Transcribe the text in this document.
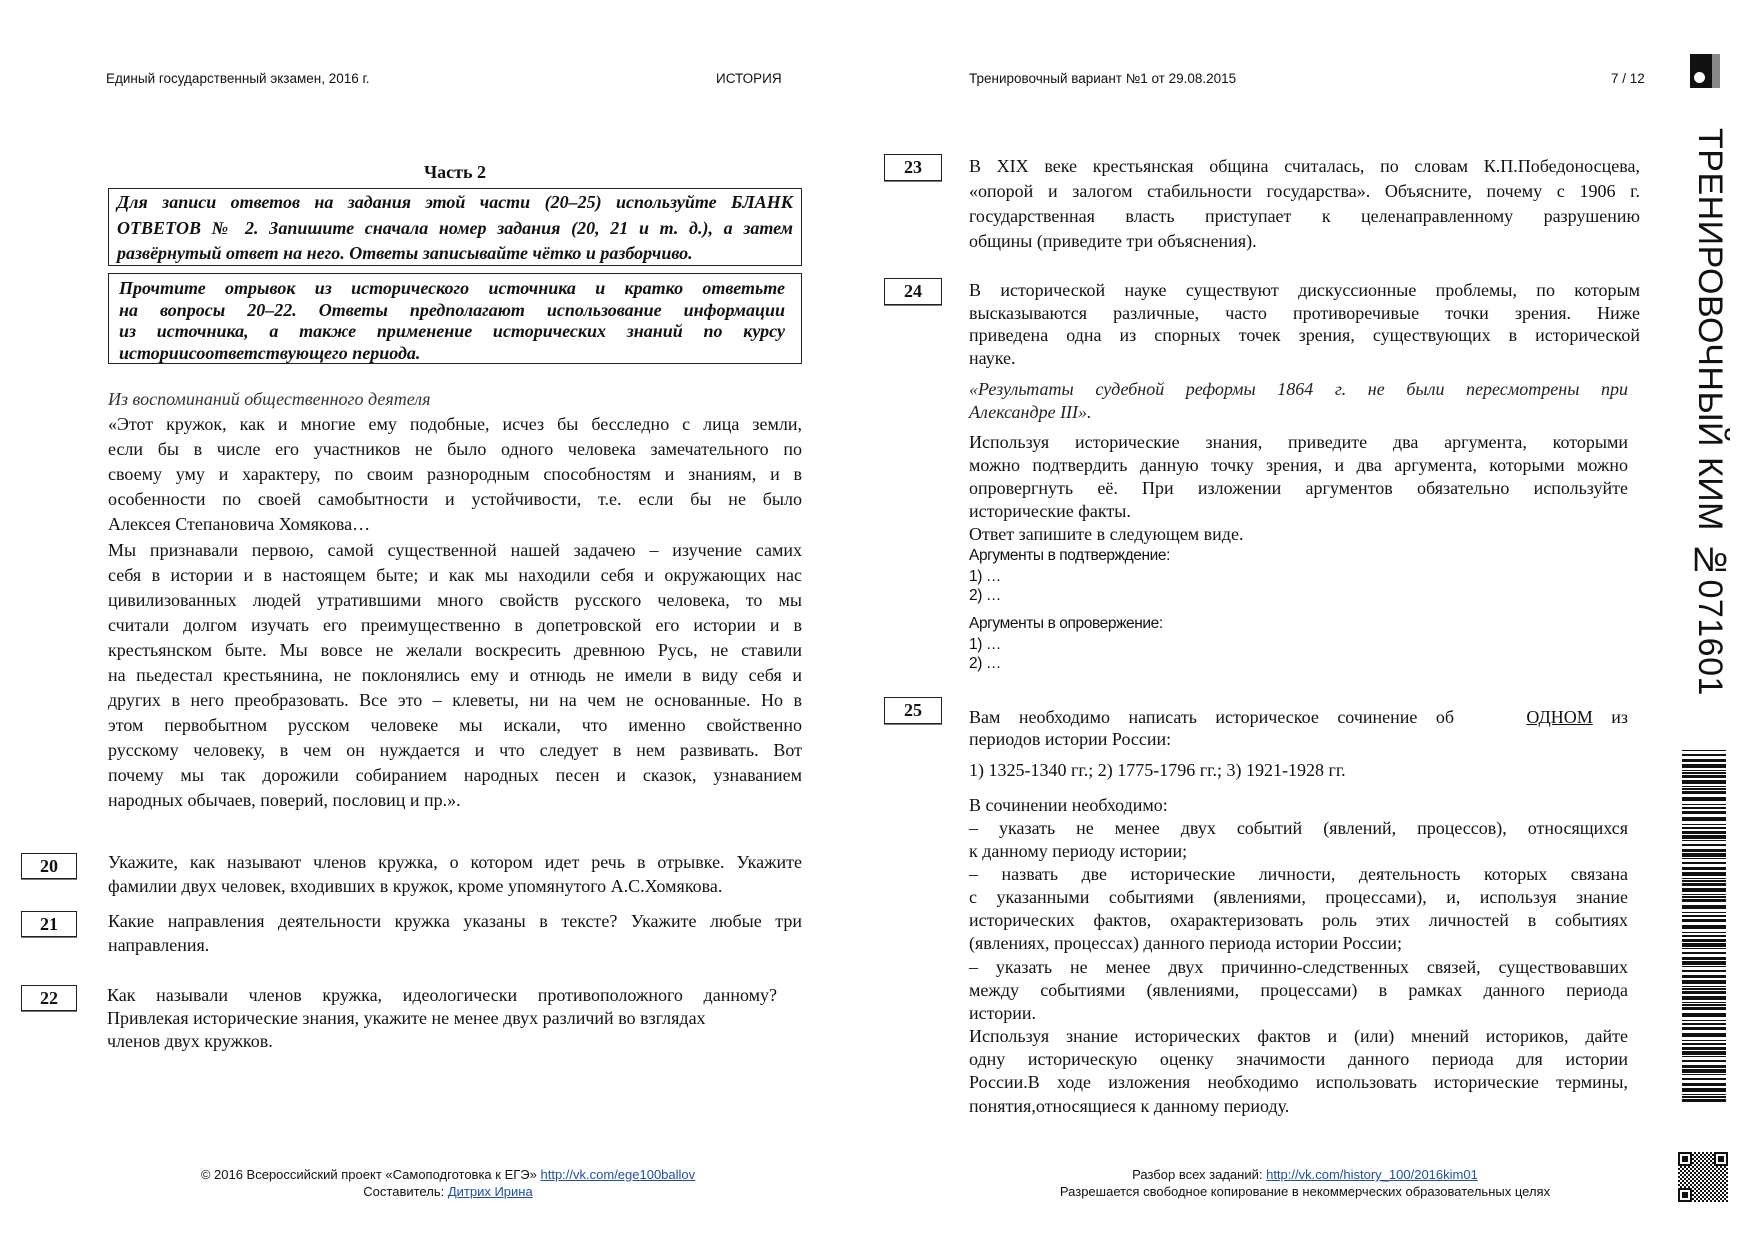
Единый государственный экзамен, 2016 г.	ИСТОРИЯ	Тренировочный вариант №1 от 29.08.2015	7 / 12
ТРЕНИРОВОЧНЫЙ КИМ №071601
Часть 2
Для записи ответов на задания этой части (20–25) используйте БЛАНК
ОТВЕТОВ № 2. Запишите сначала номер задания (20, 21 и т. д.), а затем
развёрнутый ответ на него. Ответы записывайте чётко и разборчиво.
Прочтите отрывок из исторического источника и кратко ответьте
на вопросы 20–22. Ответы предполагают использование информации
из источника, а также применение исторических знаний по курсу
историисоответствующего периода.
Из воспоминаний общественного деятеля
«Этот кружок, как и многие ему подобные, исчез бы бесследно с лица земли,
если бы в числе его участников не было одного человека замечательного по
своему уму и характеру, по своим разнородным способностям и знаниям, и в
особенности по своей самобытности и устойчивости, т.е. если бы не было
Алексея Степановича Хомякова…
Мы признавали первою, самой существенной нашей задачею – изучение самих
себя в истории и в настоящем быте; и как мы находили себя и окружающих нас
цивилизованных людей утратившими много свойств русского человека, то мы
считали долгом изучать его преимущественно в допетровской его истории и в
крестьянском быте. Мы вовсе не желали воскресить древнюю Русь, не ставили
на пьедестал крестьянина, не поклонялись ему и отнюдь не имели в виду себя и
других в него преобразовать. Все это – клеветы, ни на чем не основанные. Но в
этом первобытном русском человеке мы искали, что именно свойственно
русскому человеку, в чем он нуждается и что следует в нем развивать. Вот
почему мы так дорожили собиранием народных песен и сказок, узнаванием
народных обычаев, поверий, пословиц и пр.».
20	Укажите, как называют членов кружка, о котором идет речь в отрывке. Укажите
фамилии двух человек, входивших в кружок, кроме упомянутого А.С.Хомякова.
21	Какие направления деятельности кружка указаны в тексте? Укажите любые три
направления.
22	Как называли членов кружка, идеологически противоположного данному?
Привлекая исторические знания, укажите не менее двух различий во взглядах
членов двух кружков.
23	В XIX веке крестьянская община считалась, по словам К.П.Победоносцева,
«опорой и залогом стабильности государства». Объясните, почему с 1906 г.
государственная власть приступает к целенаправленному разрушению
общины (приведите три объяснения).
24	В исторической науке существуют дискуссионные проблемы, по которым
высказываются различные, часто противоречивые точки зрения. Ниже
приведена одна из спорных точек зрения, существующих в исторической
науке.
«Результаты судебной реформы 1864 г. не были пересмотрены при
Александре III».
Используя исторические знания, приведите два аргумента, которыми
можно подтвердить данную точку зрения, и два аргумента, которыми можно
опровергнуть её. При изложении аргументов обязательно используйте
исторические факты.
Ответ запишите в следующем виде.
Аргументы в подтверждение:
1) …
2) …
Аргументы в опровержение:
1) …
2) …
25	Вам необходимо написать историческое сочинение об	ОДНОМ из
периодов истории России:
1) 1325-1340 гг.; 2) 1775-1796 гг.; 3) 1921-1928 гг.
В сочинении необходимо:
– указать не менее двух событий (явлений, процессов), относящихся
к данному периоду истории;
– назвать две исторические личности, деятельность которых связана
с указанными событиями (явлениями, процессами), и, используя знание
исторических фактов, охарактеризовать роль этих личностей в событиях
(явлениях, процессах) данного периода истории России;
– указать не менее двух причинно-следственных связей, существовавших
между событиями (явлениями, процессами) в рамках данного периода
истории.
Используя знание исторических фактов и (или) мнений историков, дайте
одну историческую оценку значимости данного периода для истории
России.В ходе изложения необходимо использовать исторические термины,
понятия,относящиеся к данному периоду.
© 2016 Всероссийский проект «Самоподготовка к ЕГЭ» http://vk.com/ege100ballov
Составитель: Дитрих Ирина
Разбор всех заданий: http://vk.com/history_100/2016kim01
Разрешается свободное копирование в некоммерческих образовательных целях
